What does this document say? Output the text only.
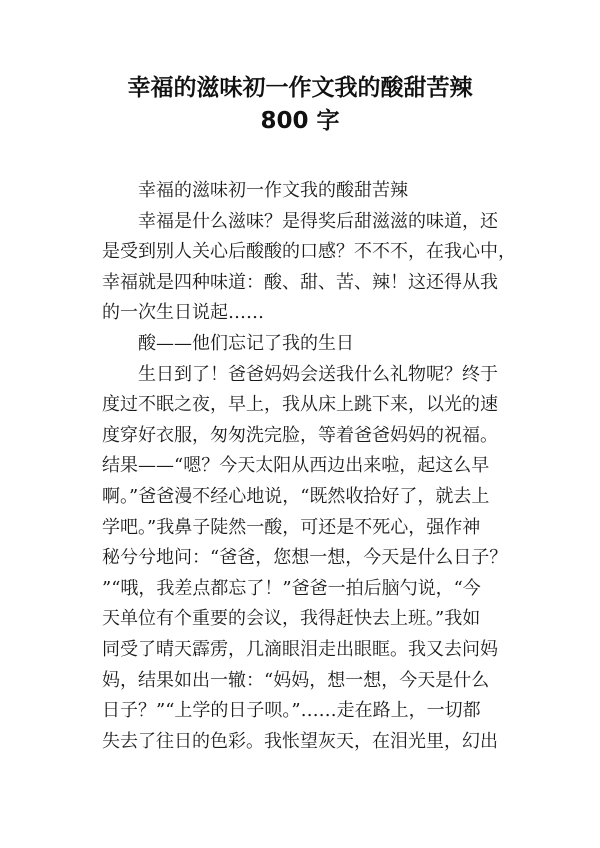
幸福的滋味初一作文我的酸甜苦辣
800 字
幸福的滋味初一作文我的酸甜苦辣
幸福是什么滋味？是得奖后甜滋滋的味道，还
是受到别人关心后酸酸的口感？不不不，在我心中，
幸福就是四种味道：酸、甜、苦、辣！这还得从我
的一次生日说起……
酸——他们忘记了我的生日
生日到了！爸爸妈妈会送我什么礼物呢？终于
度过不眠之夜，早上，我从床上跳下来，以光的速
度穿好衣服，匆匆洗完脸，等着爸爸妈妈的祝福。
结果——“嗯？今天太阳从西边出来啦，起这么早
啊。”爸爸漫不经心地说，“既然收拾好了，就去上
学吧。”我鼻子陡然一酸，可还是不死心，强作神
秘兮兮地问：“爸爸，您想一想，今天是什么日子？
”“哦，我差点都忘了！”爸爸一拍后脑勺说，“今
天单位有个重要的会议，我得赶快去上班。”我如
同受了晴天霹雳，几滴眼泪走出眼眶。我又去问妈
妈，结果如出一辙：“妈妈，想一想，今天是什么
日子？”“上学的日子呗。”……走在路上，一切都
失去了往日的色彩。我怅望灰天，在泪光里，幻出
